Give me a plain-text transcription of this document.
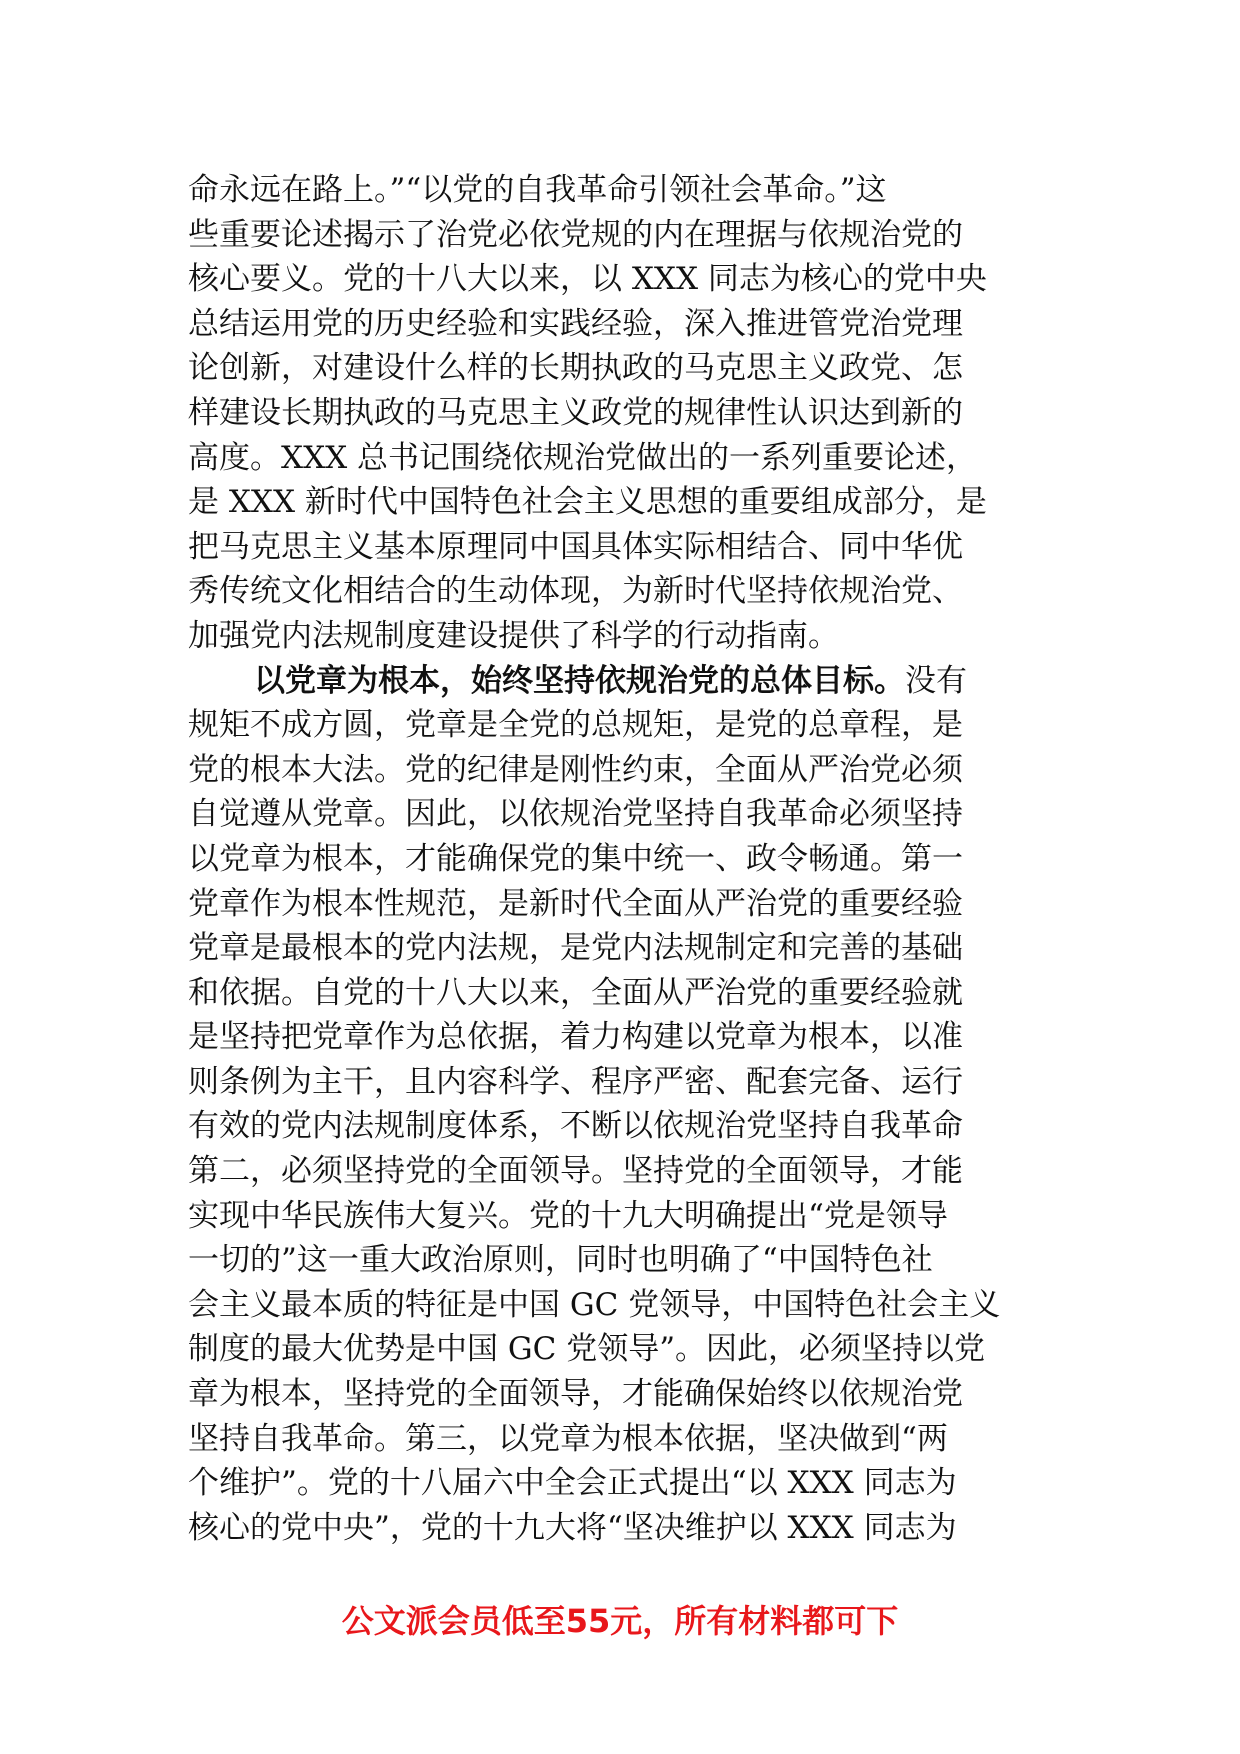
命永远在路上。”“以党的自我革命引领社会革命。”这
些重要论述揭示了治党必依党规的内在理据与依规治党的
核心要义。党的十八大以来，以 XXX 同志为核心的党中央
总结运用党的历史经验和实践经验，深入推进管党治党理
论创新，对建设什么样的长期执政的马克思主义政党、怎
样建设长期执政的马克思主义政党的规律性认识达到新的
高度。XXX 总书记围绕依规治党做出的一系列重要论述，
是 XXX 新时代中国特色社会主义思想的重要组成部分，是
把马克思主义基本原理同中国具体实际相结合、同中华优
秀传统文化相结合的生动体现，为新时代坚持依规治党、
加强党内法规制度建设提供了科学的行动指南。
以党章为根本，始终坚持依规治党的总体目标。没有
规矩不成方圆，党章是全党的总规矩，是党的总章程，是
党的根本大法。党的纪律是刚性约束，全面从严治党必须
自觉遵从党章。因此，以依规治党坚持自我革命必须坚持
以党章为根本，才能确保党的集中统一、政令畅通。第一
党章作为根本性规范，是新时代全面从严治党的重要经验
党章是最根本的党内法规，是党内法规制定和完善的基础
和依据。自党的十八大以来，全面从严治党的重要经验就
是坚持把党章作为总依据，着力构建以党章为根本，以准
则条例为主干，且内容科学、程序严密、配套完备、运行
有效的党内法规制度体系，不断以依规治党坚持自我革命
第二，必须坚持党的全面领导。坚持党的全面领导，才能
实现中华民族伟大复兴。党的十九大明确提出“党是领导
一切的”这一重大政治原则，同时也明确了“中国特色社
会主义最本质的特征是中国 GC 党领导，中国特色社会主义
制度的最大优势是中国 GC 党领导”。因此，必须坚持以党
章为根本，坚持党的全面领导，才能确保始终以依规治党
坚持自我革命。第三，以党章为根本依据，坚决做到“两
个维护”。党的十八届六中全会正式提出“以 XXX 同志为
核心的党中央”，党的十九大将“坚决维护以 XXX 同志为
公文派会员低至55元，所有材料都可下
